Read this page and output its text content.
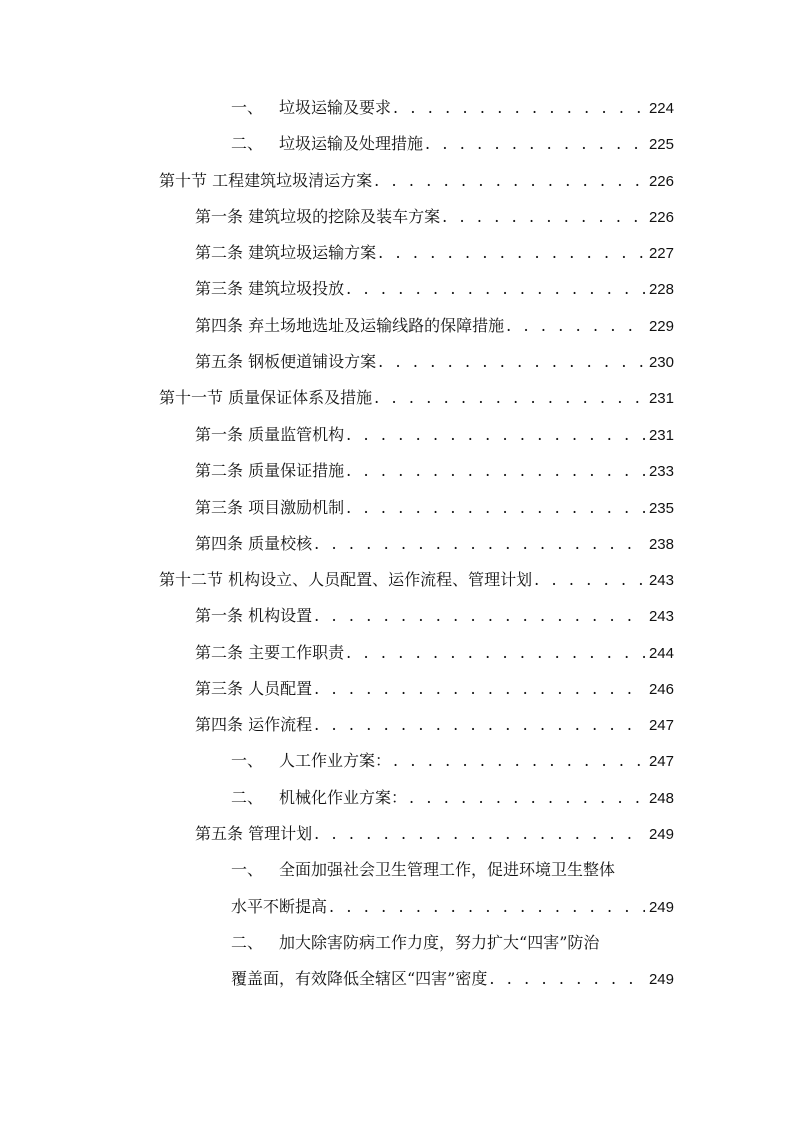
一、 垃圾运输及要求 . . .	224
二、 垃圾运输及处理措施 . . .	225
第十节 工程建筑垃圾清运方案 . . .	226
第一条 建筑垃圾的挖除及装车方案 . . .	226
第二条 建筑垃圾运输方案 . . .	227
第三条 建筑垃圾投放 . . .	228
第四条 弃土场地选址及运输线路的保障措施 . . .	229
第五条 钢板便道铺设方案 . . .	230
第十一节 质量保证体系及措施 . . .	231
第一条 质量监管机构 . . .	231
第二条 质量保证措施 . . .	233
第三条 项目激励机制 . . .	235
第四条 质量校核 . . .	238
第十二节 机构设立、人员配置、运作流程、管理计划 . . .	243
第一条 机构设置 . . .	243
第二条 主要工作职责 . . .	244
第三条 人员配置 . . .	246
第四条 运作流程 . . .	247
一、 人工作业方案： . . .	247
二、 机械化作业方案： . . .	248
第五条 管理计划 . . .	249
一、 全面加强社会卫生管理工作，促进环境卫生整体
水平不断提高 . . .	249
二、 加大除害防病工作力度，努力扩大“四害”防治
覆盖面，有效降低全辖区“四害”密度 . . .	249
